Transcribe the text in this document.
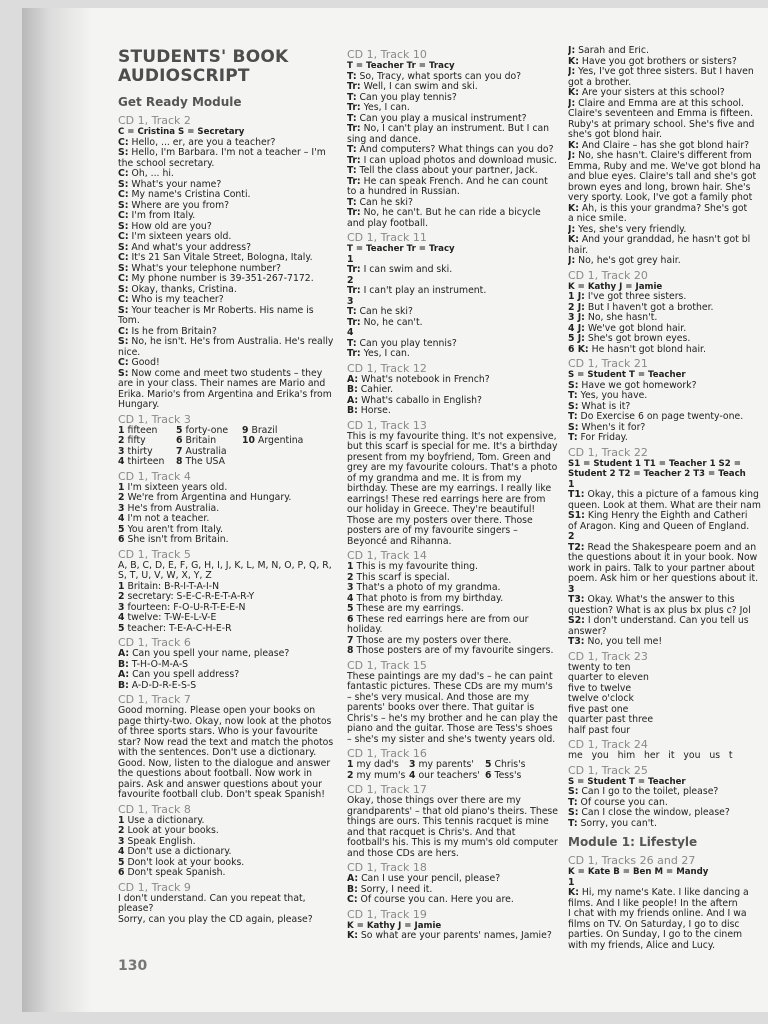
STUDENTS' BOOK AUDIOSCRIPT
Get Ready Module
CD 1, Track 2
C = Cristina S = Secretary
C: Hello, ... er, are you a teacher?
S: Hello, I'm Barbara. I'm not a teacher – I'm the school secretary.
C: Oh, ... hi.
S: What's your name?
C: My name's Cristina Conti.
S: Where are you from?
C: I'm from Italy.
S: How old are you?
C: I'm sixteen years old.
S: And what's your address?
C: It's 21 San Vitale Street, Bologna, Italy.
S: What's your telephone number?
C: My phone number is 39-351-267-7172.
S: Okay, thanks, Cristina.
C: Who is my teacher?
S: Your teacher is Mr Roberts. His name is Tom.
C: Is he from Britain?
S: No, he isn't. He's from Australia. He's really nice.
C: Good!
S: Now come and meet two students – they are in your class. Their names are Mario and Erika. Mario's from Argentina and Erika's from Hungary.
CD 1, Track 3
1 fifteen	5 forty-one	9 Brazil
2 fifty	6 Britain	10 Argentina
3 thirty	7 Australia
4 thirteen	8 The USA
CD 1, Track 4
1 I'm sixteen years old.
2 We're from Argentina and Hungary.
3 He's from Australia.
4 I'm not a teacher.
5 You aren't from Italy.
6 She isn't from Britain.
CD 1, Track 5
A, B, C, D, E, F, G, H, I, J, K, L, M, N, O, P, Q, R, S, T, U, V, W, X, Y, Z
1 Britain: B-R-I-T-A-I-N
2 secretary: S-E-C-R-E-T-A-R-Y
3 fourteen: F-O-U-R-T-E-E-N
4 twelve: T-W-E-L-V-E
5 teacher: T-E-A-C-H-E-R
CD 1, Track 6
A: Can you spell your name, please?
B: T-H-O-M-A-S
A: Can you spell address?
B: A-D-D-R-E-S-S
CD 1, Track 7
Good morning. Please open your books on page thirty-two. Okay, now look at the photos of three sports stars. Who is your favourite star? Now read the text and match the photos with the sentences. Don't use a dictionary. Good. Now, listen to the dialogue and answer the questions about football. Now work in pairs. Ask and answer questions about your favourite football club. Don't speak Spanish!
CD 1, Track 8
1 Use a dictionary.
2 Look at your books.
3 Speak English.
4 Don't use a dictionary.
5 Don't look at your books.
6 Don't speak Spanish.
CD 1, Track 9
I don't understand. Can you repeat that, please?
Sorry, can you play the CD again, please?
CD 1, Track 10
T = Teacher Tr = Tracy
T: So, Tracy, what sports can you do?
Tr: Well, I can swim and ski.
T: Can you play tennis?
Tr: Yes, I can.
T: Can you play a musical instrument?
Tr: No, I can't play an instrument. But I can sing and dance.
T: And computers? What things can you do?
Tr: I can upload photos and download music.
T: Tell the class about your partner, Jack.
Tr: He can speak French. And he can count to a hundred in Russian.
T: Can he ski?
Tr: No, he can't. But he can ride a bicycle and play football.
CD 1, Track 11
T = Teacher Tr = Tracy
1
Tr: I can swim and ski.
2
Tr: I can't play an instrument.
3
T: Can he ski?
Tr: No, he can't.
4
T: Can you play tennis?
Tr: Yes, I can.
CD 1, Track 12
A: What's notebook in French?
B: Cahier.
A: What's caballo in English?
B: Horse.
CD 1, Track 13
This is my favourite thing. It's not expensive, but this scarf is special for me. It's a birthday present from my boyfriend, Tom. Green and grey are my favourite colours. That's a photo of my grandma and me. It is from my birthday. These are my earrings. I really like earrings! These red earrings here are from our holiday in Greece. They're beautiful! Those are my posters over there. Those posters are of my favourite singers – Beyoncé and Rihanna.
CD 1, Track 14
1 This is my favourite thing.
2 This scarf is special.
3 That's a photo of my grandma.
4 That photo is from my birthday.
5 These are my earrings.
6 These red earrings here are from our holiday.
7 Those are my posters over there.
8 Those posters are of my favourite singers.
CD 1, Track 15
These paintings are my dad's – he can paint fantastic pictures. These CDs are my mum's – she's very musical. And those are my parents' books over there. That guitar is Chris's – he's my brother and he can play the piano and the guitar. Those are Tess's shoes – she's my sister and she's twenty years old.
CD 1, Track 16
1 my dad's	3 my parents'	5 Chris's
2 my mum's 4 our teachers' 6 Tess's
CD 1, Track 17
Okay, those things over there are my grandparents' – that old piano's theirs. These things are ours. This tennis racquet is mine and that racquet is Chris's. And that football's his. This is my mum's old computer and those CDs are hers.
CD 1, Track 18
A: Can I use your pencil, please?
B: Sorry, I need it.
C: Of course you can. Here you are.
CD 1, Track 19
K = Kathy J = Jamie
K: So what are your parents' names, Jamie?
J: Sarah and Eric.
K: Have you got brothers or sisters?
J: Yes, I've got three sisters. But I haven
got a brother.
K: Are your sisters at this school?
J: Claire and Emma are at this school.
Claire's seventeen and Emma is fifteen.
Ruby's at primary school. She's five and
she's got blond hair.
K: And Claire – has she got blond hair?
J: No, she hasn't. Claire's different from
Emma, Ruby and me. We've got blond ha
and blue eyes. Claire's tall and she's got
brown eyes and long, brown hair. She's
very sporty. Look, I've got a family phot
K: Ah, is this your grandma? She's got
a nice smile.
J: Yes, she's very friendly.
K: And your granddad, he hasn't got bl
hair.
J: No, he's got grey hair.
CD 1, Track 20
K = Kathy J = Jamie
1 J: I've got three sisters.
2 J: But I haven't got a brother.
3 J: No, she hasn't.
4 J: We've got blond hair.
5 J: She's got brown eyes.
6 K: He hasn't got blond hair.
CD 1, Track 21
S = Student T = Teacher
S: Have we got homework?
T: Yes, you have.
S: What is it?
T: Do Exercise 6 on page twenty-one.
S: When's it for?
T: For Friday.
CD 1, Track 22
S1 = Student 1 T1 = Teacher 1 S2 =
Student 2 T2 = Teacher 2 T3 = Teach
1
T1: Okay, this a picture of a famous king
queen. Look at them. What are their nam
S1: King Henry the Eighth and Catheri
of Aragon. King and Queen of England.
2
T2: Read the Shakespeare poem and an
the questions about it in your book. Now
work in pairs. Talk to your partner about
poem. Ask him or her questions about it.
3
T3: Okay. What's the answer to this
question? What is ax plus bx plus c? Jol
S2: I don't understand. Can you tell us
answer?
T3: No, you tell me!
CD 1, Track 23
twenty to ten
quarter to eleven
five to twelve
twelve o'clock
five past one
quarter past three
half past four
CD 1, Track 24
me   you   him   her   it   you   us   t
CD 1, Track 25
S = Student T = Teacher
S: Can I go to the toilet, please?
T: Of course you can.
S: Can I close the window, please?
T: Sorry, you can't.
Module 1: Lifestyle
CD 1, Tracks 26 and 27
K = Kate B = Ben M = Mandy
1
K: Hi, my name's Kate. I like dancing a
films. And I like people! In the aftern
I chat with my friends online. And I wa
films on TV. On Saturday, I go to disc
parties. On Sunday, I go to the cinem
with my friends, Alice and Lucy.
130
